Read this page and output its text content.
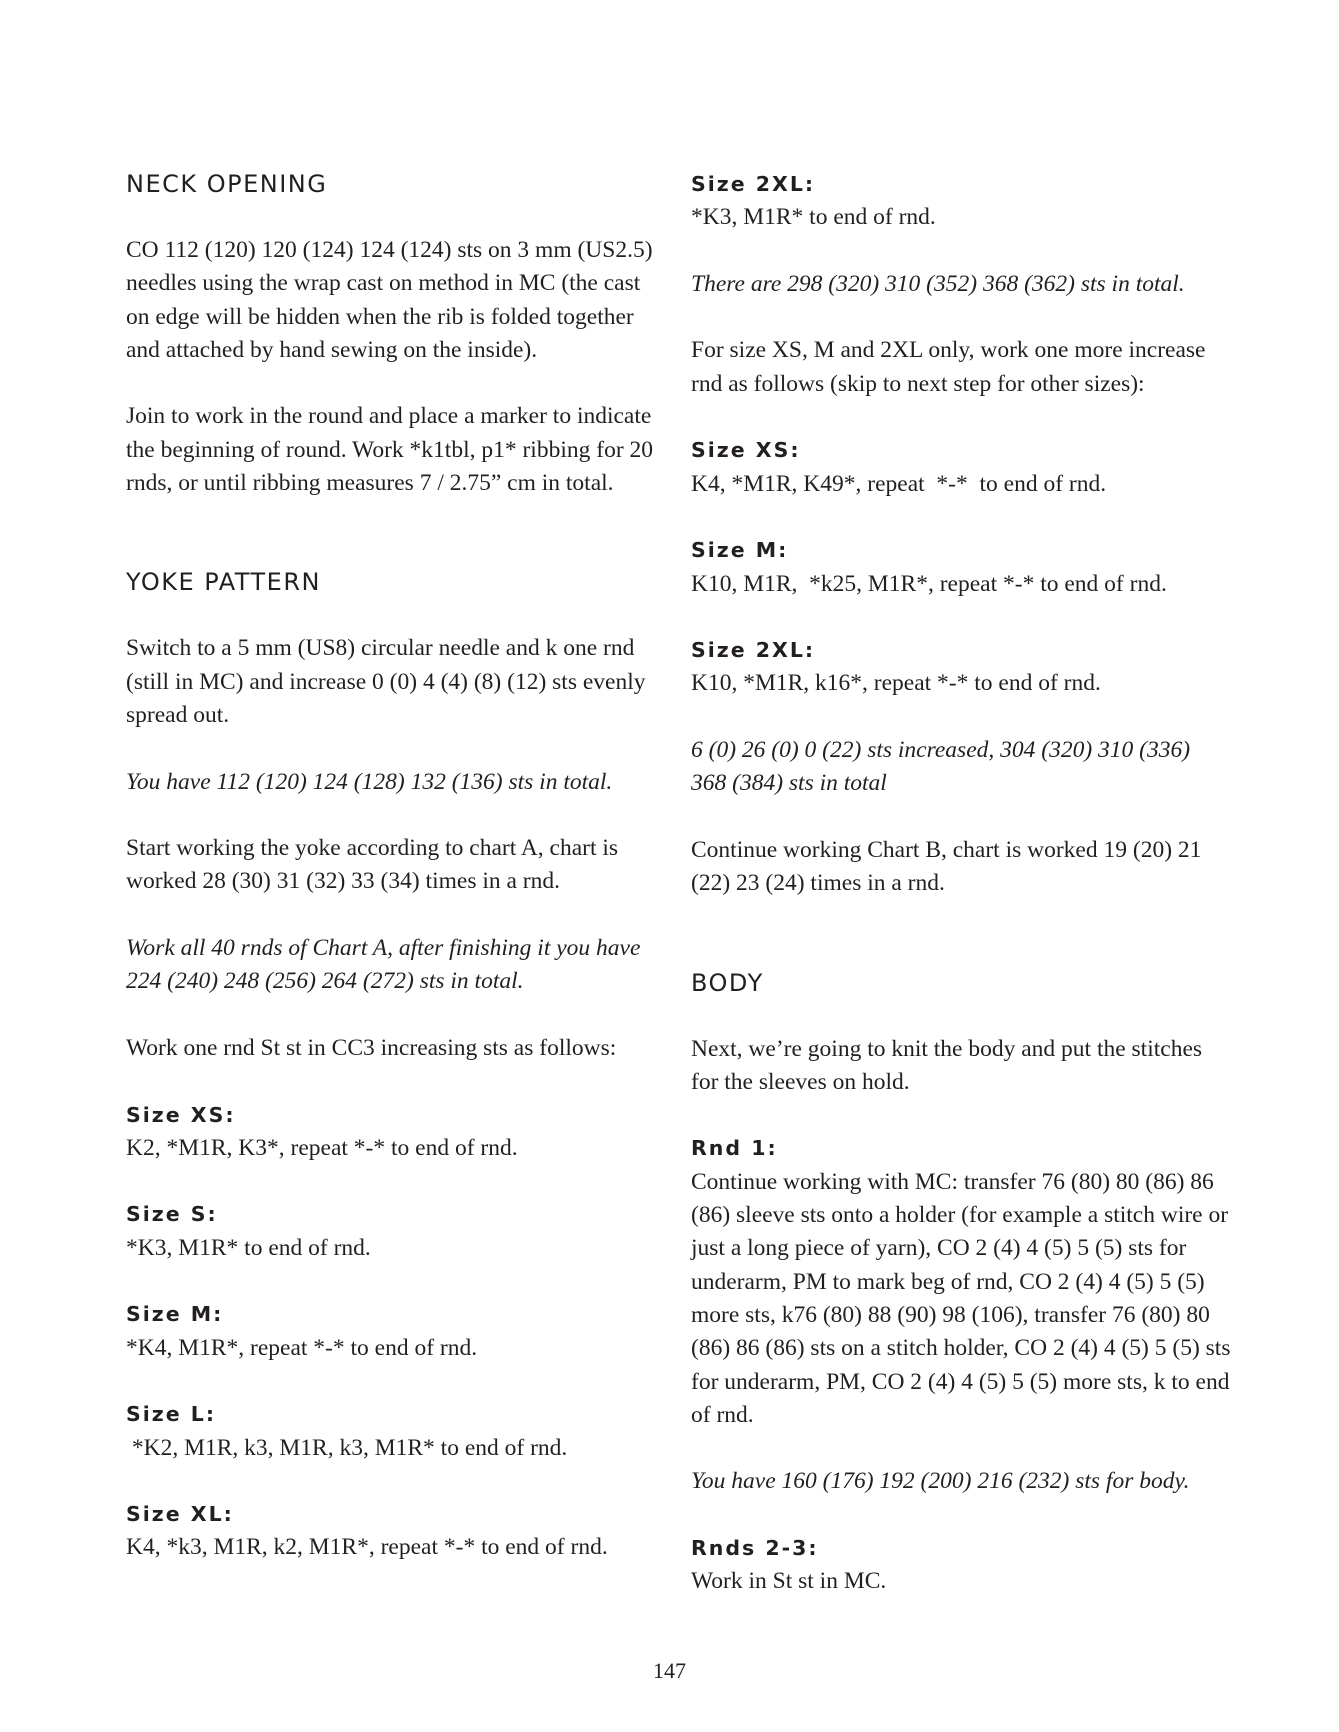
NECK OPENING

CO 112 (120) 120 (124) 124 (124) sts on 3 mm (US2.5) needles using the wrap cast on method in MC (the cast on edge will be hidden when the rib is folded together and attached by hand sewing on the inside).

Join to work in the round and place a marker to indicate the beginning of round. Work *k1tbl, p1* ribbing for 20 rnds, or until ribbing measures 7 / 2.75” cm in total.

YOKE PATTERN

Switch to a 5 mm (US8) circular needle and k one rnd (still in MC) and increase 0 (0) 4 (4) (8) (12) sts evenly spread out.

You have 112 (120) 124 (128) 132 (136) sts in total.

Start working the yoke according to chart A, chart is worked 28 (30) 31 (32) 33 (34) times in a rnd.

Work all 40 rnds of Chart A, after finishing it you have 224 (240) 248 (256) 264 (272) sts in total.

Work one rnd St st in CC3 increasing sts as follows:

Size XS:

K2, *M1R, K3*, repeat *-* to end of rnd.

Size S:

*K3, M1R* to end of rnd.

Size M:

*K4, M1R*, repeat *-* to end of rnd.

Size L:

*K2, M1R, k3, M1R, k3, M1R* to end of rnd.

Size XL:

K4, *k3, M1R, k2, M1R*, repeat *-* to end of rnd.

Size 2XL:

*K3, M1R* to end of rnd.

There are 298 (320) 310 (352) 368 (362) sts in total.

For size XS, M and 2XL only, work one more increase rnd as follows (skip to next step for other sizes):

Size XS:

K4, *M1R, K49*, repeat  *-*  to end of rnd.

Size M:

K10, M1R,  *k25, M1R*, repeat *-* to end of rnd.

Size 2XL:

K10, *M1R, k16*, repeat *-* to end of rnd.

6 (0) 26 (0) 0 (22) sts increased, 304 (320) 310 (336) 368 (384) sts in total

Continue working Chart B, chart is worked 19 (20) 21 (22) 23 (24) times in a rnd.

BODY

Next, we’re going to knit the body and put the stitches for the sleeves on hold.

Rnd 1:

Continue working with MC: transfer 76 (80) 80 (86) 86 (86) sleeve sts onto a holder (for example a stitch wire or just a long piece of yarn), CO 2 (4) 4 (5) 5 (5) sts for underarm, PM to mark beg of rnd, CO 2 (4) 4 (5) 5 (5) more sts, k76 (80) 88 (90) 98 (106), transfer 76 (80) 80 (86) 86 (86) sts on a stitch holder, CO 2 (4) 4 (5) 5 (5) sts for underarm, PM, CO 2 (4) 4 (5) 5 (5) more sts, k to end of rnd.

You have 160 (176) 192 (200) 216 (232) sts for body.

Rnds 2-3:

Work in St st in MC.

147
